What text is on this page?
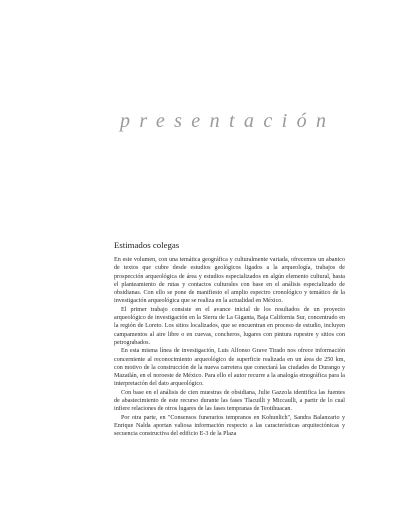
presentación
Estimados colegas

En este volumen, con una temática geográfica y culturalmente variada, ofrecemos un abanico de textos que cubre desde estudios geológicos ligados a la arqueología, trabajos de prospección arqueológica de área y estudios especializados en algún elemento cultural, hasta el planteamiento de rutas y contactos culturales con base en el análisis especializado de obsidianas. Con ello se pone de manifiesto el amplio espectro cronológico y temático de la investigación arqueológica que se realiza en la actualidad en México.

El primer trabajo consiste en el avance inicial de los resultados de un proyecto arqueológico de investigación en la Sierra de La Giganta, Baja California Sur, concentrado en la región de Loreto. Los sitios localizados, que se encuentran en proceso de estudio, incluyen campamentos al aire libre o en cuevas, concheros, lugares con pintura rupestre y sitios con petrograbados.

En esta misma línea de investigación, Luis Alfonso Grave Tirado nos ofrece información concerniente al reconocimiento arqueológico de superficie realizada en un área de 250 km, con motivo de la construcción de la nueva carretera que conectará las ciudades de Durango y Mazatlán, en el noroeste de México. Para ello el autor recurre a la analogía etnográfica para la interpretación del dato arqueológico.

Con base en el análisis de cien muestras de obsidiana, Julie Gazzola identifica las fuentes de abastecimiento de este recurso durante las fases Tlacuilli y Miccaulli, a partir de lo cual infiere relaciones de otros lugares de las fases tempranas de Teotihuacan.

Por otra parte, en "Consensos funerarios tempranos en Kohunlich", Sandra Balanzario y Enrique Nalda aportan valiosa información respecto a las características arquitectónicas y secuencia constructiva del edificio E-3 de la Plaza
